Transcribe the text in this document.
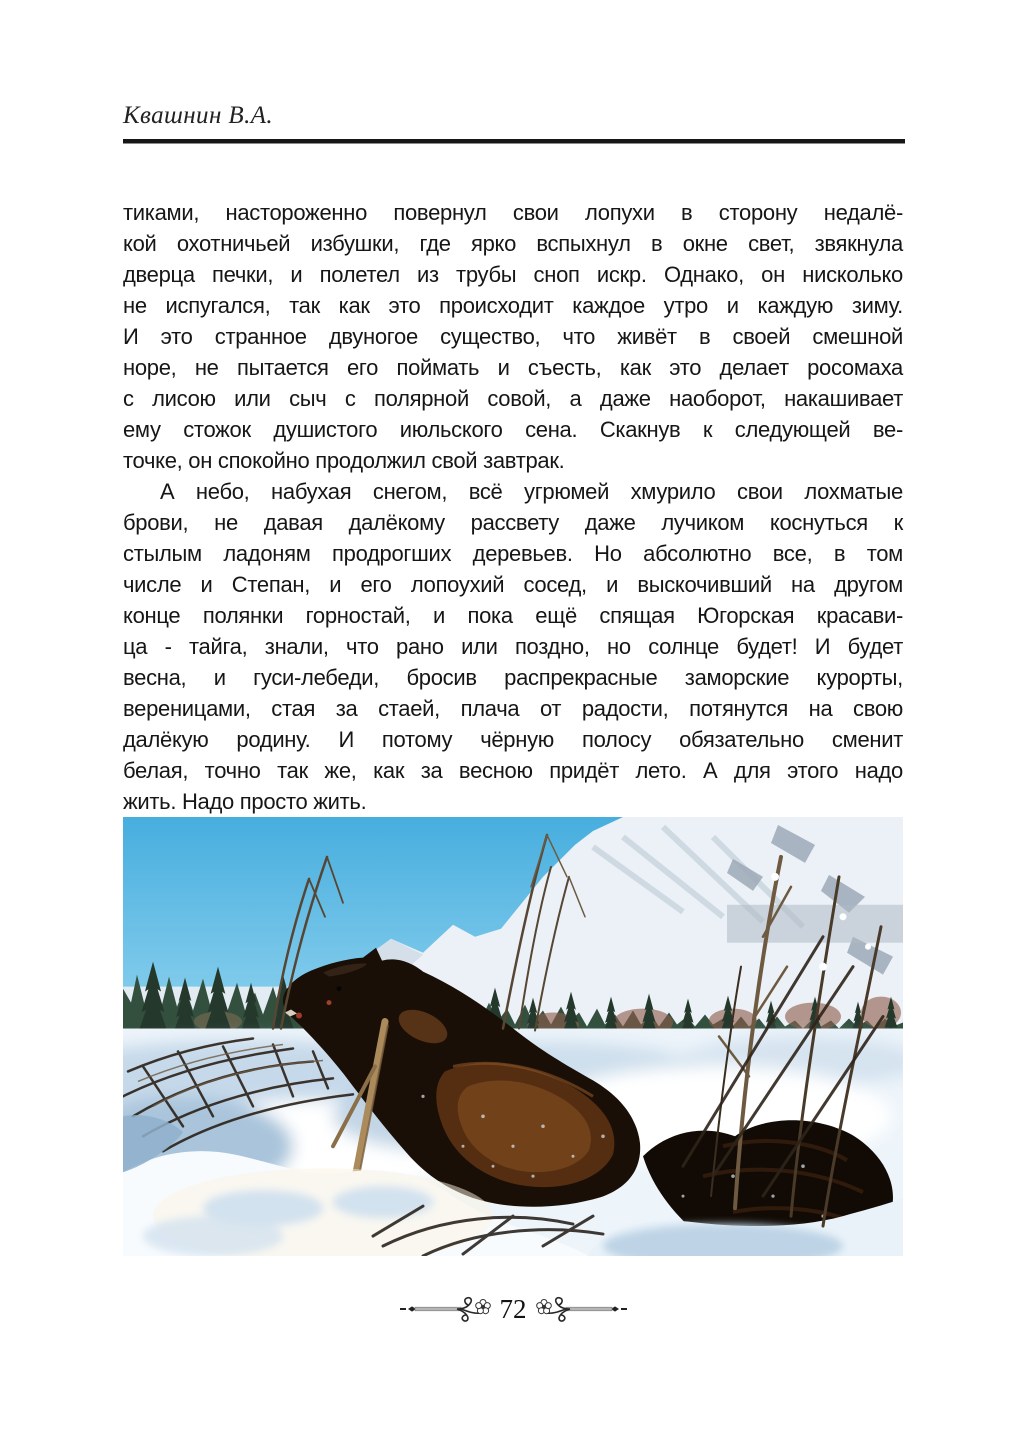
Квашнин В.А.
тиками, настороженно повернул свои лопухи в сторону недалё-
кой охотничьей избушки, где ярко вспыхнул в окне свет, звякнула
дверца печки, и полетел из трубы сноп искр. Однако, он нисколько
не испугался, так как это происходит каждое утро и каждую зиму.
И это странное двуногое существо, что живёт в своей смешной
норе, не пытается его поймать и съесть, как это делает росомаха
с лисою или сыч с полярной совой, а даже наоборот, накашивает
ему стожок душистого июльского сена. Скакнув к следующей ве-
точке, он спокойно продолжил свой завтрак.
А небо, набухая снегом, всё угрюмей хмурило свои лохматые
брови, не давая далёкому рассвету даже лучиком коснуться к
стылым ладоням продрогших деревьев. Но абсолютно все, в том
числе и Степан, и его лопоухий сосед, и выскочивший на другом
конце полянки горностай, и пока ещё спящая Югорская красави-
ца - тайга, знали, что рано или поздно, но солнце будет! И будет
весна, и гуси-лебеди, бросив распрекрасные заморские курорты,
вереницами, стая за стаей, плача от радости, потянутся на свою
далёкую родину. И потому чёрную полосу обязательно сменит
белая, точно так же, как за весною придёт лето. А для этого надо
жить. Надо просто жить.
72
